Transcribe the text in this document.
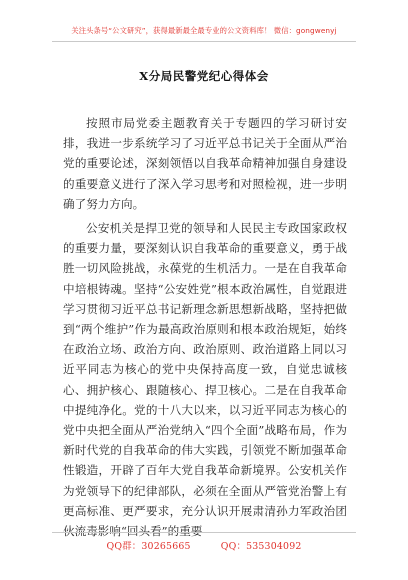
关注头条号“公文研究”，获得最新最全最专业的公文资料库！ 微信：gongwenyj
X分局民警党纪心得体会

按照市局党委主题教育关于专题四的学习研讨安排，我进一步系统学习了习近平总书记关于全面从严治党的重要论述，深刻领悟以自我革命精神加强自身建设的重要意义进行了深入学习思考和对照检视，进一步明确了努力方向。

公安机关是捍卫党的领导和人民民主专政国家政权的重要力量，要深刻认识自我革命的重要意义，勇于战胜一切风险挑战，永葆党的生机活力。一是在自我革命中培根铸魂。坚持“公安姓党”根本政治属性，自觉跟进学习贯彻习近平总书记新理念新思想新战略，坚持把做到“两个维护”作为最高政治原则和根本政治规矩，始终在政治立场、政治方向、政治原则、政治道路上同以习近平同志为核心的党中央保持高度一致，自觉忠诚核心、拥护核心、跟随核心、捍卫核心。二是在自我革命中提纯净化。党的十八大以来，以习近平同志为核心的党中央把全面从严治党纳入“四个全面”战略布局，作为新时代党的自我革命的伟大实践，引领党不断加强革命性锻造，开辟了百年大党自我革命新境界。公安机关作为党领导下的纪律部队，必须在全面从严管党治警上有更高标准、更严要求，充分认识开展肃清孙力军政治团伙流毒影响“回头看”的重要

QQ群：30265665	QQ：535304092
